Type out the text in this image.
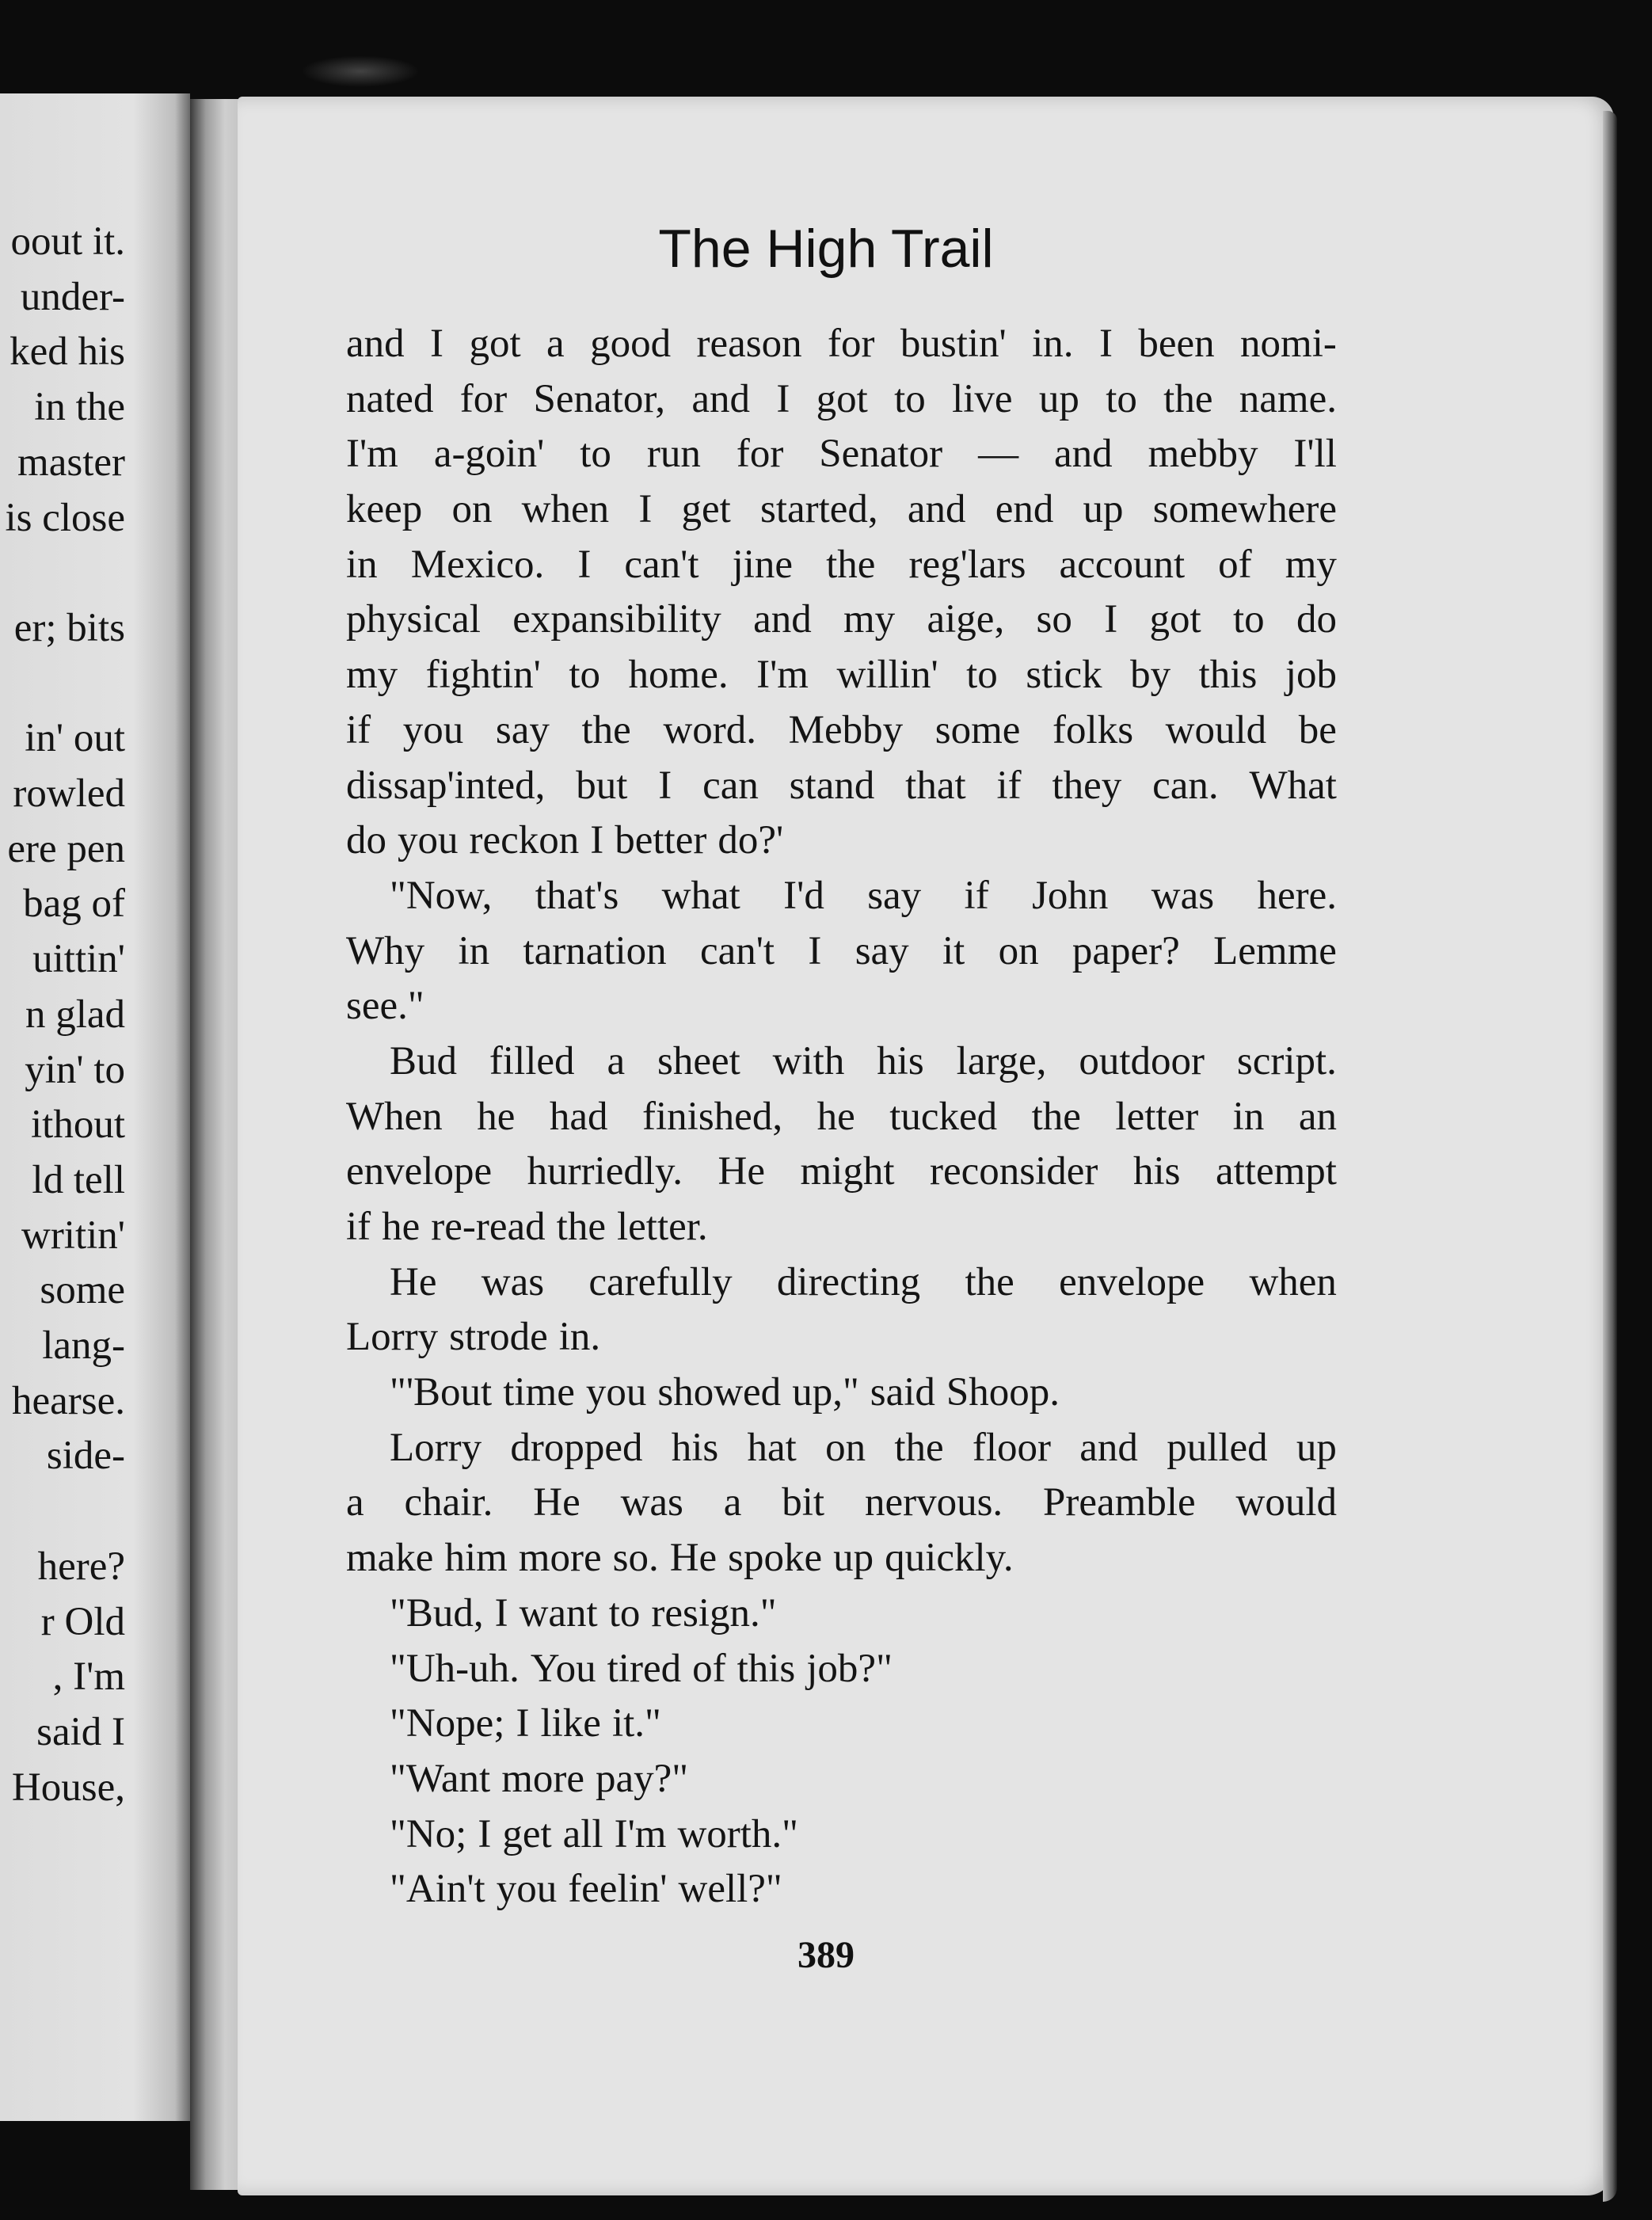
oout it.
under-
ked his
in the
master
is close
er; bits
in' out
rowled
ere pen
bag of
uittin'
n glad
yin' to
ithout
ld tell
writin'
some
lang-
hearse.
side-
here?
r Old
, I'm
said I
House,
The High Trail
and I got a good reason for bustin' in. I been nomi-
nated for Senator, and I got to live up to the name.
I'm a-goin' to run for Senator — and mebby I'll
keep on when I get started, and end up somewhere
in Mexico. I can't jine the reg'lars account of my
physical expansibility and my aige, so I got to do
my fightin' to home. I'm willin' to stick by this job
if you say the word. Mebby some folks would be
dissap'inted, but I can stand that if they can. What
do you reckon I better do?'
"Now, that's what I'd say if John was here.
Why in tarnation can't I say it on paper? Lemme
see."
Bud filled a sheet with his large, outdoor script.
When he had finished, he tucked the letter in an
envelope hurriedly. He might reconsider his attempt
if he re-read the letter.
He was carefully directing the envelope when
Lorry strode in.
"'Bout time you showed up," said Shoop.
Lorry dropped his hat on the floor and pulled up
a chair. He was a bit nervous. Preamble would
make him more so. He spoke up quickly.
"Bud, I want to resign."
"Uh-uh. You tired of this job?"
"Nope; I like it."
"Want more pay?"
"No; I get all I'm worth."
"Ain't you feelin' well?"
389
